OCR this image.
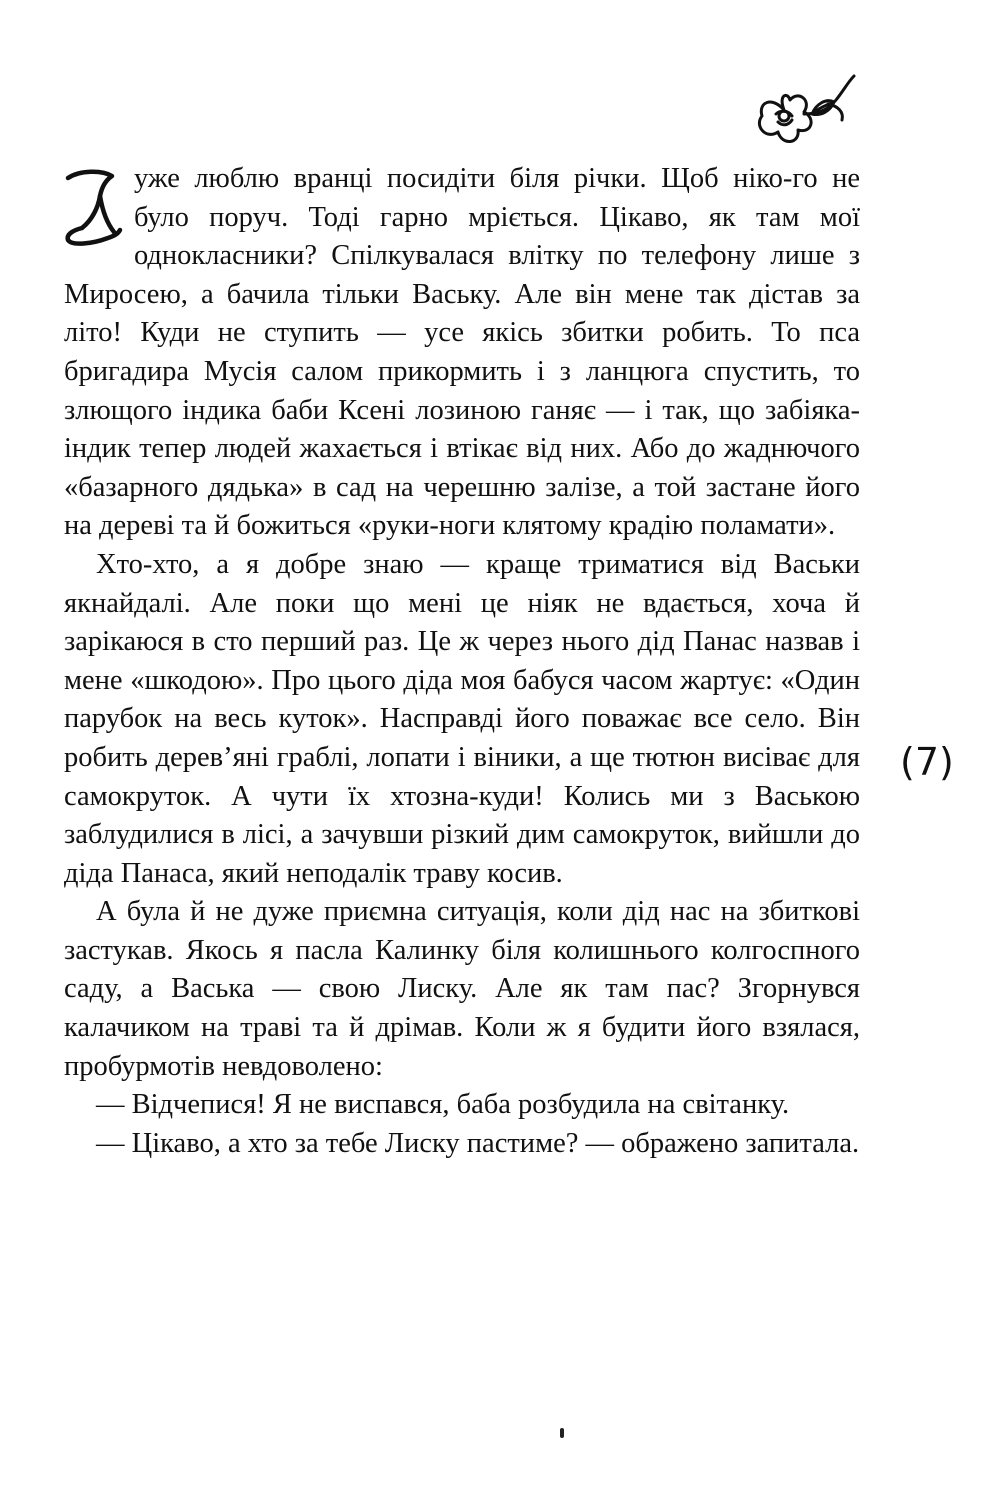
уже люблю вранці посидіти біля річки. Щоб ніко-го не було поруч. Тоді гарно мріється. Цікаво, як там мої однокласники? Спілкувалася влітку по телефону лише з Миросею, а бачила тільки Ваську. Але він мене так дістав за літо! Куди не ступить — усе якісь збитки робить. То пса бригадира Мусія салом прикормить і з ланцюга спустить, то злющого індика баби Ксені лозиною ганяє — і так, що забіяка-індик тепер людей жахається і втікає від них. Або до жаднючого «базарного дядька» в сад на черешню залізе, а той застане його на дереві та й божиться «руки-ноги клятому крадію поламати».

Хто-хто, а я добре знаю — краще триматися від Васьки якнайдалі. Але поки що мені це ніяк не вдається, хоча й зарікаюся в сто перший раз. Це ж через нього дід Панас назвав і мене «шкодою». Про цього діда моя бабуся часом жартує: «Один парубок на весь куток». Насправді його поважає все село. Він робить дерев’яні граблі, лопати і віники, а ще тютюн висіває для самокруток. А чути їх хтозна-куди! Колись ми з Ваською заблудилися в лісі, а зачувши різкий дим самокруток, вийшли до діда Панаса, який неподалік траву косив.

А була й не дуже приємна ситуація, коли дід нас на збиткові застукав. Якось я пасла Калинку біля колишнього колгоспного саду, а Васька — свою Лиску. Але як там пас? Згорнувся калачиком на траві та й дрімав. Коли ж я будити його взялася, пробурмотів невдоволено:

— Відчепися! Я не виспався, баба розбудила на світанку.

— Цікаво, а хто за тебе Лиску пастиме? — ображено запитала.

(7)
